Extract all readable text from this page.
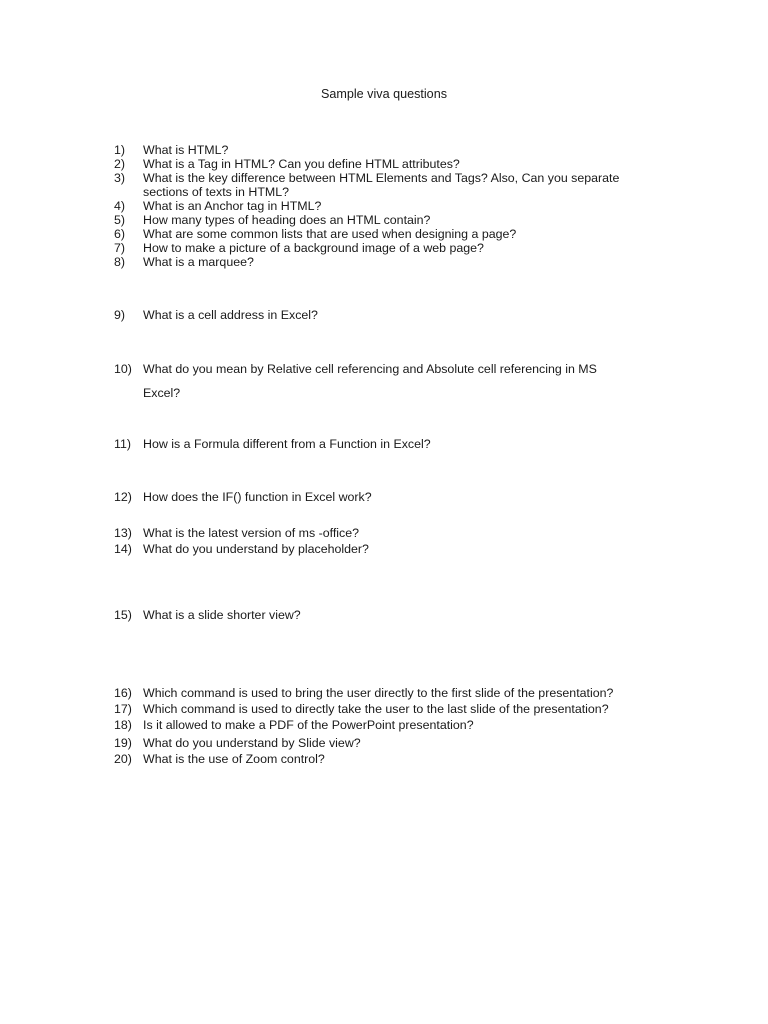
Sample viva questions
1) What is HTML?
2) What is a Tag in HTML? Can you define HTML attributes?
3) What is the key difference between HTML Elements and Tags? Also, Can you separate sections of texts in HTML?
4) What is an Anchor tag in HTML?
5) How many types of heading does an HTML contain?
6) What are some common lists that are used when designing a page?
7) How to make a picture of a background image of a web page?
8) What is a marquee?
9) What is a cell address in Excel?
10) What do you mean by Relative cell referencing and Absolute cell referencing in MS Excel?
11) How is a Formula different from a Function in Excel?
12) How does the IF() function in Excel work?
13) What is the latest version of ms -office?
14) What do you understand by placeholder?
15) What is a slide shorter view?
16) Which command is used to bring the user directly to the first slide of the presentation?
17) Which command is used to directly take the user to the last slide of the presentation?
18) Is it allowed to make a PDF of the PowerPoint presentation?
19) What do you understand by Slide view?
20) What is the use of Zoom control?
